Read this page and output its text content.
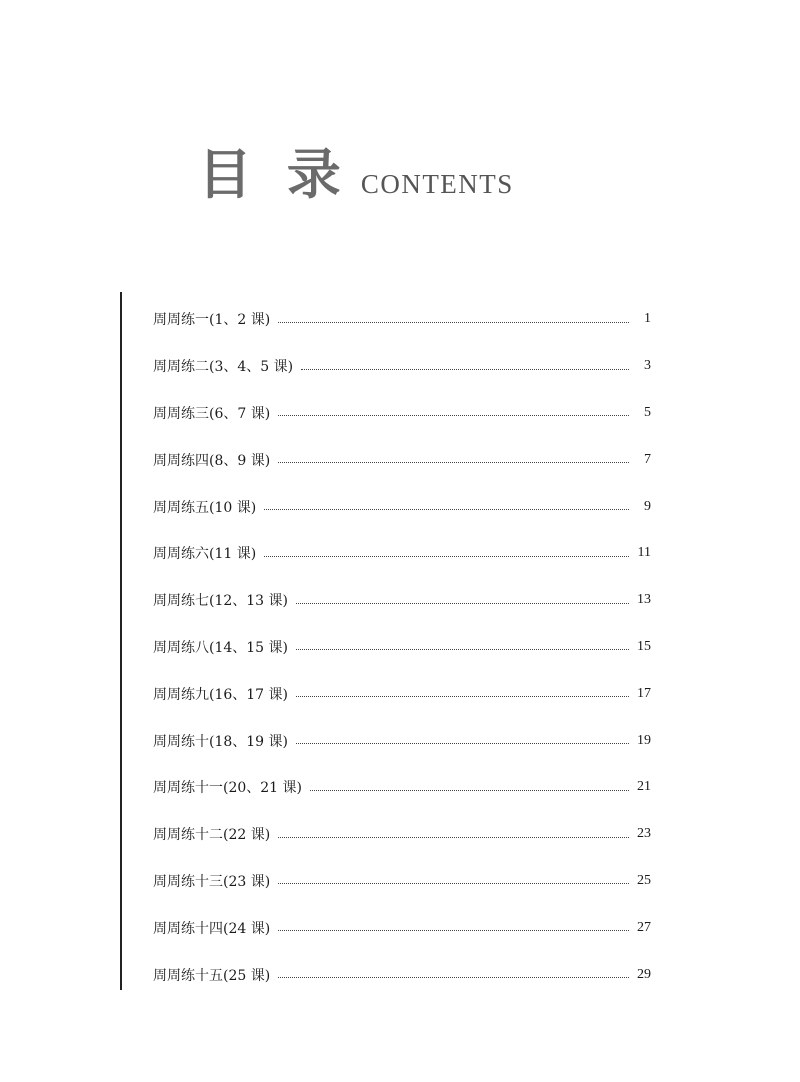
目 录 CONTENTS
周周练一(1、2 课)	1
周周练二(3、4、5 课)	3
周周练三(6、7 课)	5
周周练四(8、9 课)	7
周周练五(10 课)	9
周周练六(11 课)	11
周周练七(12、13 课)	13
周周练八(14、15 课)	15
周周练九(16、17 课)	17
周周练十(18、19 课)	19
周周练十一(20、21 课)	21
周周练十二(22 课)	23
周周练十三(23 课)	25
周周练十四(24 课)	27
周周练十五(25 课)	29
